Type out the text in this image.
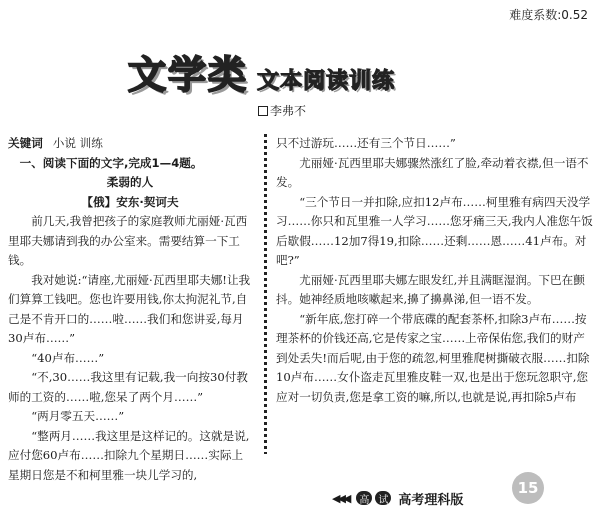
难度系数:0.52
文学类 文本阅读训练
李弗不

关键词 小说 训练

一、阅读下面的文字,完成1—4题。

柔弱的人

【俄】安东·契诃夫

前几天,我曾把孩子的家庭教师尤丽娅·瓦西里耶夫娜请到我的办公室来。需要结算一下工钱。

我对她说:“请座,尤丽娅·瓦西里耶夫娜!让我们算算工钱吧。您也许要用钱,你太拘泥礼节,自己是不肯开口的……啦……我们和您讲妥,每月30卢布……”

“40卢布……”

“不,30……我这里有记载,我一向按30付教师的工资的……啦,您呆了两个月……”

“两月零五天……”

“整两月……我这里是这样记的。这就是说,应付您60卢布……扣除九个星期日……实际上星期日您是不和柯里雅一块儿学习的,

只不过游玩……还有三个节日……”

尤丽娅·瓦西里耶夫娜骤然涨红了脸,牵动着衣襟,但一语不发。

“三个节日一并扣除,应扣12卢布……柯里雅有病四天没学习……你只和瓦里雅一人学习……您牙痛三天,我内人准您午饭后歇假……12加7得19,扣除……还剩……恩……41卢布。对吧?”

尤丽娅·瓦西里耶夫娜左眼发红,并且满眶湿润。下巴在颤抖。她神经质地咳嗽起来,擤了擤鼻涕,但一语不发。

“新年底,您打碎一个带底碟的配套茶杯,扣除3卢布……按理茶杯的价钱还高,它是传家之宝……上帝保佑您,我们的财产到处丢失!而后呢,由于您的疏忽,柯里雅爬树撕破衣服……扣除10卢布……女仆盗走瓦里雅皮鞋一双,也是出于您玩忽职守,您应对一切负责,您是拿工资的嘛,所以,也就是说,再扣除5卢布

◀◀◀	高 试 高考理科版
15
